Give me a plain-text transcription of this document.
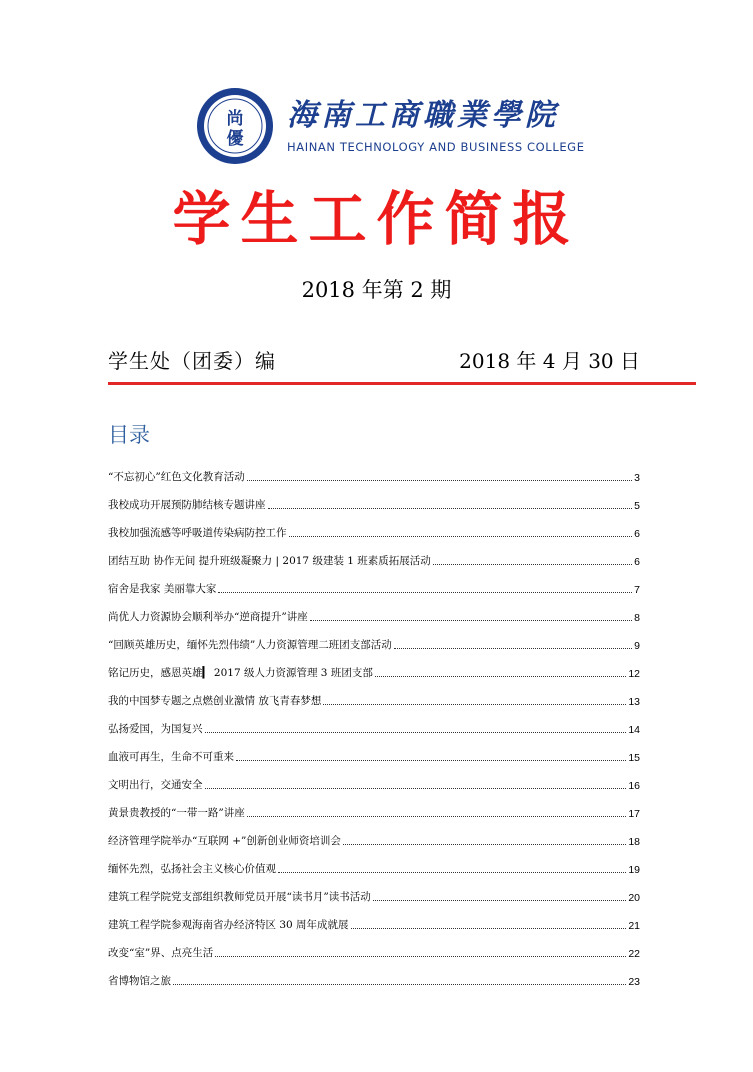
尚
優
海南工商職業學院
HAINAN TECHNOLOGY AND BUSINESS COLLEGE
学生工作简报
2018 年第 2 期
学生处（团委）编	2018 年 4 月 30 日
目录
“不忘初心”红色文化教育活动	3
我校成功开展预防肺结核专题讲座	5
我校加强流感等呼吸道传染病防控工作	6
团结互助 协作无间 提升班级凝聚力 | 2017 级建装 1 班素质拓展活动	6
宿舍是我家 美丽靠大家	7
尚优人力资源协会顺利举办“逆商提升”讲座	8
“回顾英雄历史，缅怀先烈伟绩”人力资源管理二班团支部活动	9
铭记历史，感恩英雄▎ 2017 级人力资源管理 3 班团支部	12
我的中国梦专题之点燃创业激情 放飞青春梦想	13
弘扬爱国，为国复兴	14
血液可再生，生命不可重来	15
文明出行，交通安全	16
黄景贵教授的“一带一路”讲座	17
经济管理学院举办“互联网 +”创新创业师资培训会	18
缅怀先烈，弘扬社会主义核心价值观	19
建筑工程学院党支部组织教师党员开展“读书月”读书活动	20
建筑工程学院参观海南省办经济特区 30 周年成就展	21
改变“室”界、点亮生活	22
省博物馆之旅	23
